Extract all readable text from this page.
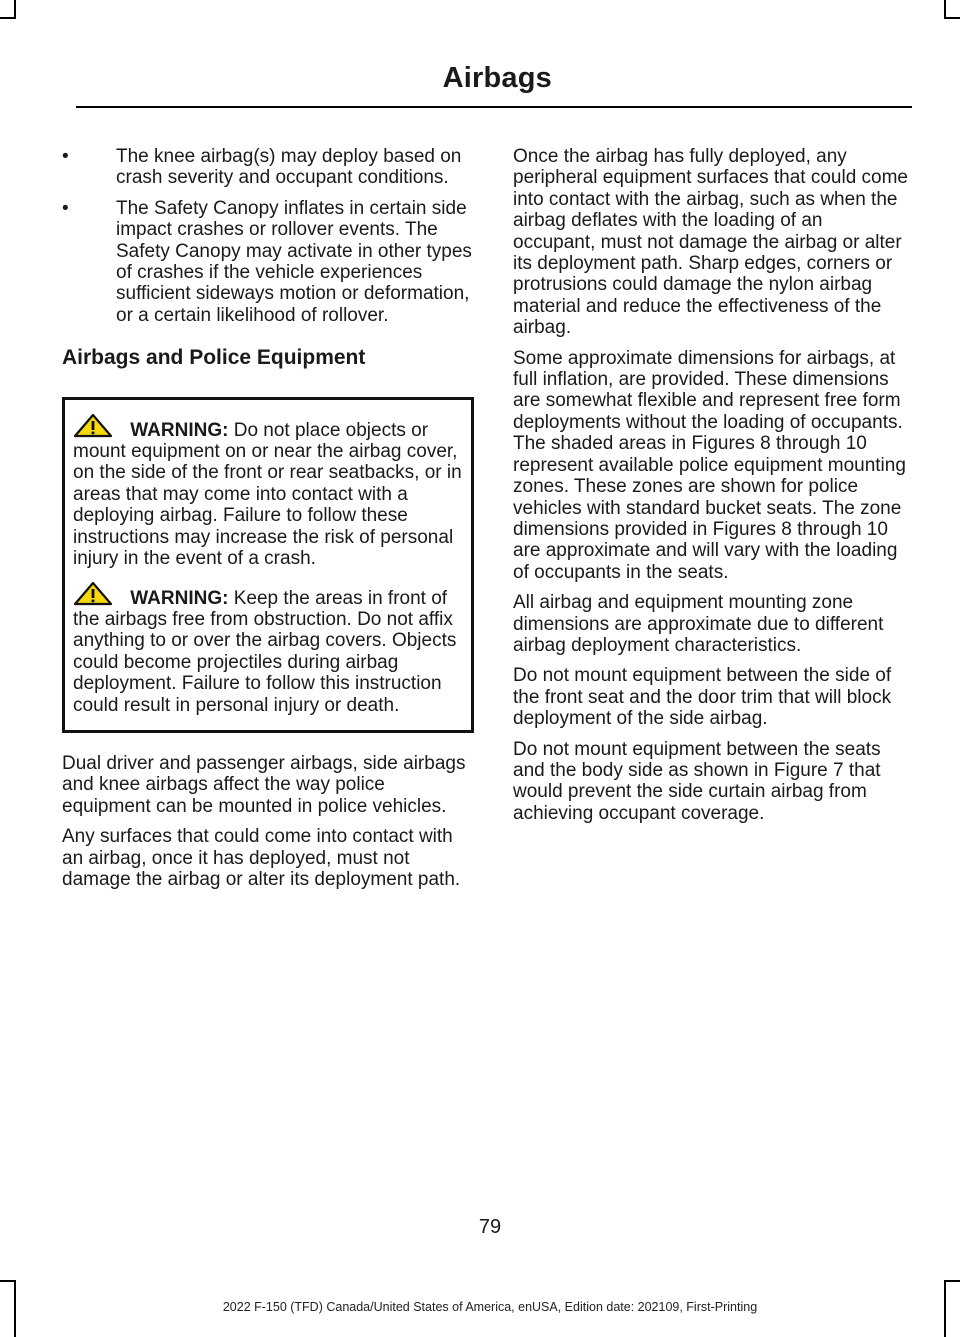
Airbags
•	The knee airbag(s) may deploy based on crash severity and occupant conditions.
•	The Safety Canopy inflates in certain side impact crashes or rollover events. The Safety Canopy may activate in other types of crashes if the vehicle experiences sufficient sideways motion or deformation, or a certain likelihood of rollover.
Airbags and Police Equipment
WARNING: Do not place objects or mount equipment on or near the airbag cover, on the side of the front or rear seatbacks, or in areas that may come into contact with a deploying airbag. Failure to follow these instructions may increase the risk of personal injury in the event of a crash.
WARNING: Keep the areas in front of the airbags free from obstruction. Do not affix anything to or over the airbag covers. Objects could become projectiles during airbag deployment. Failure to follow this instruction could result in personal injury or death.

Dual driver and passenger airbags, side airbags and knee airbags affect the way police equipment can be mounted in police vehicles.

Any surfaces that could come into contact with an airbag, once it has deployed, must not damage the airbag or alter its deployment path.

Once the airbag has fully deployed, any peripheral equipment surfaces that could come into contact with the airbag, such as when the airbag deflates with the loading of an occupant, must not damage the airbag or alter its deployment path. Sharp edges, corners or protrusions could damage the nylon airbag material and reduce the effectiveness of the airbag.

Some approximate dimensions for airbags, at full inflation, are provided. These dimensions are somewhat flexible and represent free form deployments without the loading of occupants. The shaded areas in Figures 8 through 10 represent available police equipment mounting zones. These zones are shown for police vehicles with standard bucket seats. The zone dimensions provided in Figures 8 through 10 are approximate and will vary with the loading of occupants in the seats.

All airbag and equipment mounting zone dimensions are approximate due to different airbag deployment characteristics.

Do not mount equipment between the side of the front seat and the door trim that will block deployment of the side airbag.

Do not mount equipment between the seats and the body side as shown in Figure 7 that would prevent the side curtain airbag from achieving occupant coverage.

79
2022 F-150 (TFD) Canada/United States of America, enUSA, Edition date: 202109, First-Printing
